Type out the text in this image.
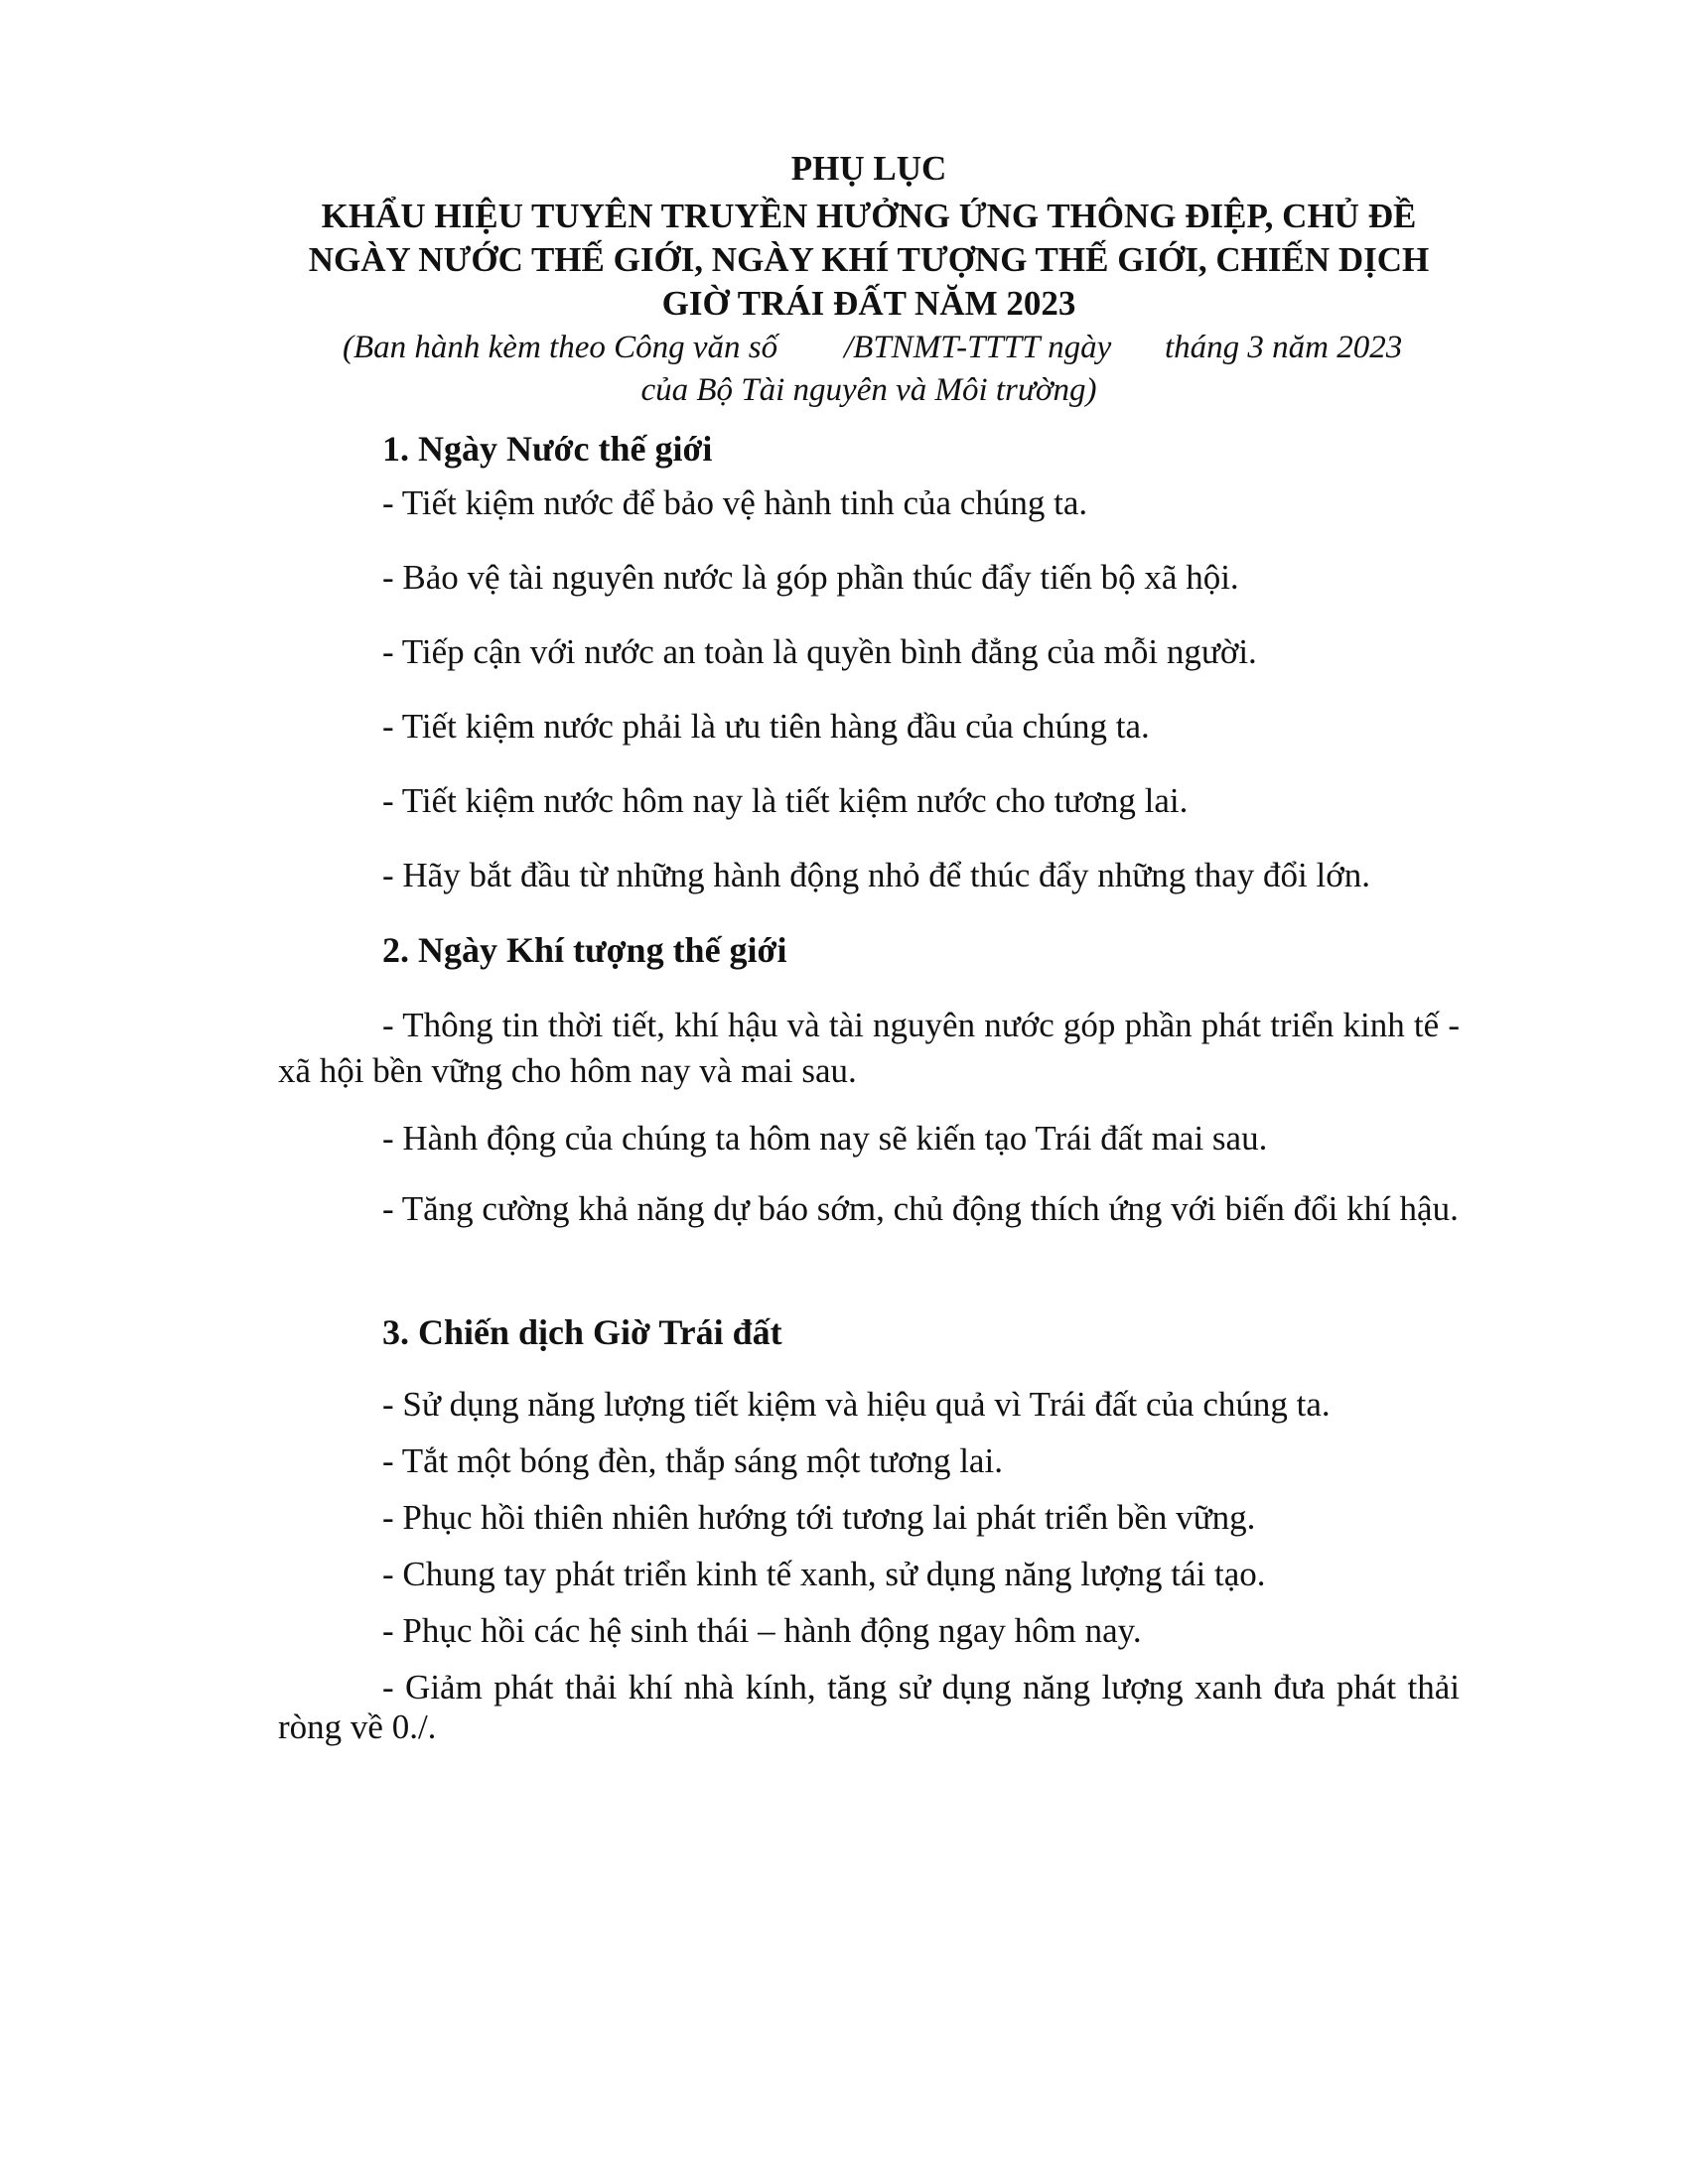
PHỤ LỤC
KHẨU HIỆU TUYÊN TRUYỀN HƯỞNG ỨNG THÔNG ĐIỆP, CHỦ ĐỀ
NGÀY NƯỚC THẾ GIỚI, NGÀY KHÍ TƯỢNG THẾ GIỚI, CHIẾN DỊCH
GIỜ TRÁI ĐẤT NĂM 2023
(Ban hành kèm theo Công văn số /BTNMT-TTTT ngày tháng 3 năm 2023
của Bộ Tài nguyên và Môi trường)
1. Ngày Nước thế giới
- Tiết kiệm nước để bảo vệ hành tinh của chúng ta.
- Bảo vệ tài nguyên nước là góp phần thúc đẩy tiến bộ xã hội.
- Tiếp cận với nước an toàn là quyền bình đẳng của mỗi người.
- Tiết kiệm nước phải là ưu tiên hàng đầu của chúng ta.
- Tiết kiệm nước hôm nay là tiết kiệm nước cho tương lai.
- Hãy bắt đầu từ những hành động nhỏ để thúc đẩy những thay đổi lớn.
2. Ngày Khí tượng thế giới
- Thông tin thời tiết, khí hậu và tài nguyên nước góp phần phát triển kinh tế - xã hội bền vững cho hôm nay và mai sau.
- Hành động của chúng ta hôm nay sẽ kiến tạo Trái đất mai sau.
- Tăng cường khả năng dự báo sớm, chủ động thích ứng với biến đổi khí hậu.
3. Chiến dịch Giờ Trái đất
- Sử dụng năng lượng tiết kiệm và hiệu quả vì Trái đất của chúng ta.
- Tắt một bóng đèn, thắp sáng một tương lai.
- Phục hồi thiên nhiên hướng tới tương lai phát triển bền vững.
- Chung tay phát triển kinh tế xanh, sử dụng năng lượng tái tạo.
- Phục hồi các hệ sinh thái – hành động ngay hôm nay.
- Giảm phát thải khí nhà kính, tăng sử dụng năng lượng xanh đưa phát thải ròng về 0./.
